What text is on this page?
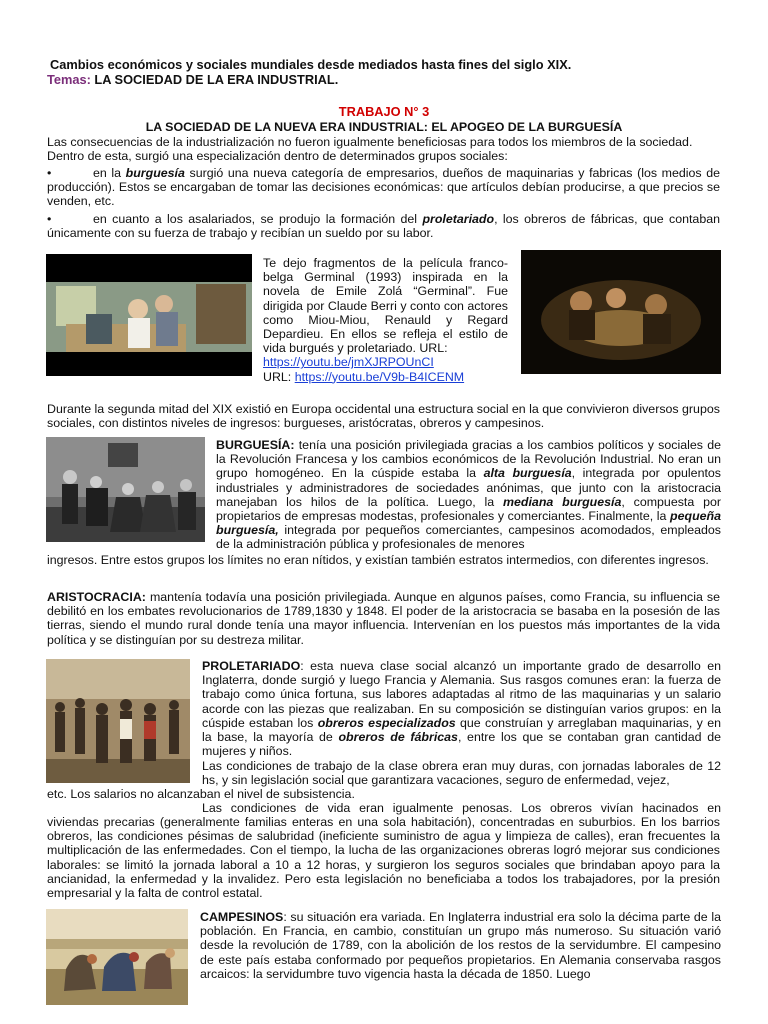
Cambios económicos y sociales mundiales desde mediados hasta fines del siglo XIX.
Temas: LA SOCIEDAD DE LA ERA INDUSTRIAL.
TRABAJO N° 3
LA SOCIEDAD DE LA NUEVA ERA INDUSTRIAL: EL APOGEO DE LA BURGUESÍA
Las consecuencias de la industrialización no fueron igualmente beneficiosas para todos los miembros de la sociedad. Dentro de esta, surgió una especialización dentro de determinados grupos sociales:
•	en la burguesía surgió una nueva categoría de empresarios, dueños de maquinarias y fabricas (los medios de producción). Estos se encargaban de tomar las decisiones económicas: que artículos debían producirse, a que precios se venden, etc.
•	en cuanto a los asalariados, se produjo la formación del proletariado, los obreros de fábricas, que contaban únicamente con su fuerza de trabajo y recibían un sueldo por su labor.
Te dejo fragmentos de la película franco-belga Germinal (1993) inspirada en la novela de Emile Zolá “Germinal”. Fue dirigida por Claude Berri y conto con actores como Miou-Miou, Renauld y Regard Depardieu. En ellos se refleja el estilo de vida burgués y proletariado. URL:
https://youtu.be/jmXJRPOUnCI
URL: https://youtu.be/V9b-B4ICENM
Durante la segunda mitad del XIX existió en Europa occidental una estructura social en la que convivieron diversos grupos sociales, con distintos niveles de ingresos: burgueses, aristócratas, obreros y campesinos.
BURGUESÍA: tenía una posición privilegiada gracias a los cambios políticos y sociales de la Revolución Francesa y los cambios económicos de la Revolución Industrial. No eran un grupo homogéneo. En la cúspide estaba la alta burguesía, integrada por opulentos industriales y administradores de sociedades anónimas, que junto con la aristocracia manejaban los hilos de la política. Luego, la mediana burguesía, compuesta por propietarios de empresas modestas, profesionales y comerciantes. Finalmente, la pequeña burguesía, integrada por pequeños comerciantes, campesinos acomodados, empleados de la administración pública y profesionales de menores
ingresos. Entre estos grupos los límites no eran nítidos, y existían también estratos intermedios, con diferentes ingresos.
ARISTOCRACIA: mantenía todavía una posición privilegiada. Aunque en algunos países, como Francia, su influencia se debilitó en los embates revolucionarios de 1789,1830 y 1848. El poder de la aristocracia se basaba en la posesión de las tierras, siendo el mundo rural donde tenía una mayor influencia. Intervenían en los puestos más importantes de la vida política y se distinguían por su destreza militar.
PROLETARIADO: esta nueva clase social alcanzó un importante grado de desarrollo en Inglaterra, donde surgió y luego Francia y Alemania. Sus rasgos comunes eran: la fuerza de trabajo como única fortuna, sus labores adaptadas al ritmo de las maquinarias y un salario acorde con las piezas que realizaban. En su composición se distinguían varios grupos: en la cúspide estaban los obreros especializados que construían y arreglaban maquinarias, y en la base, la mayoría de obreros de fábricas, entre los que se contaban gran cantidad de mujeres y niños.
Las condiciones de trabajo de la clase obrera eran muy duras, con jornadas laborales de 12 hs, y sin legislación social que garantizara vacaciones, seguro de enfermedad, vejez,
etc. Los salarios no alcanzaban el nivel de subsistencia.
Las condiciones de vida eran igualmente penosas. Los obreros vivían hacinados en
viviendas precarias (generalmente familias enteras en una sola habitación), concentradas en suburbios. En los barrios obreros, las condiciones pésimas de salubridad (ineficiente suministro de agua y limpieza de calles), eran frecuentes la multiplicación de las enfermedades. Con el tiempo, la lucha de las organizaciones obreras logró mejorar sus condiciones laborales: se limitó la jornada laboral a 10 a 12 horas, y surgieron los seguros sociales que brindaban apoyo para la ancianidad, la enfermedad y la invalidez. Pero esta legislación no beneficiaba a todos los trabajadores, por la presión empresarial y la falta de control estatal.
CAMPESINOS: su situación era variada. En Inglaterra industrial era solo la décima parte de la población. En Francia, en cambio, constituían un grupo más numeroso. Su situación varió desde la revolución de 1789, con la abolición de los restos de la servidumbre. El campesino de este país estaba conformado por pequeños propietarios. En Alemania conservaba rasgos arcaicos: la servidumbre tuvo vigencia hasta la década de 1850. Luego
